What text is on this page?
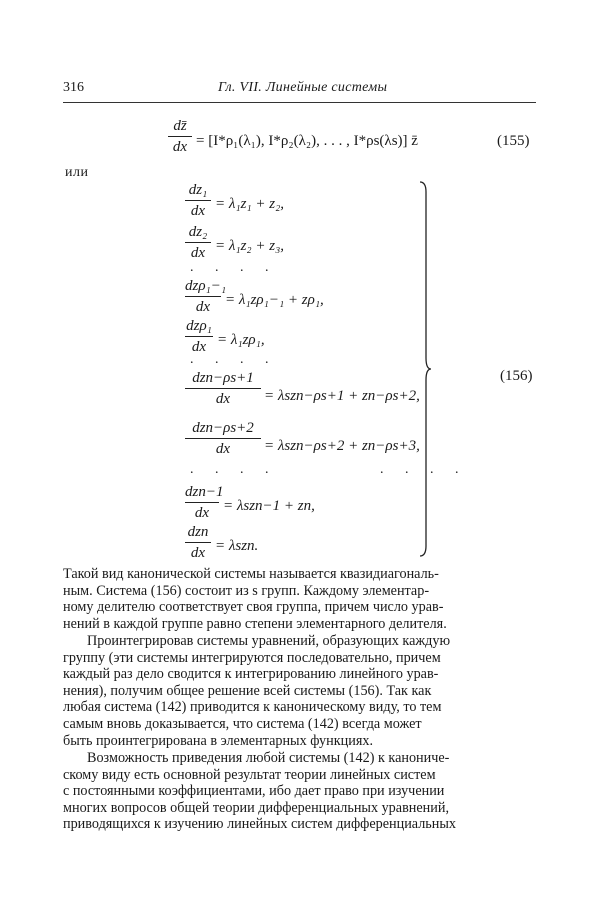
316	Гл. VII. Линейные системы
dz̄
dx = [I*ρ₁(λ₁), I*ρ₂(λ₂), . . . , I*ρs(λs)] z̄	(155)
или
dz₁
dx = λ₁z₁ + z₂,
dz₂
dx = λ₁z₂ + z₃,
. . . .
dzρ₁−₁
dx = λ₁zρ₁−₁ + zρ₁,
dzρ₁
dx = λ₁zρ₁,
. . . .
dzn−ρs+1
dx	= λszn−ρs+1 + zn−ρs+2,
(156)
dzn−ρs+2
dx	= λszn−ρs+2 + zn−ρs+3,
. . . .	. . . .
dzn−1
dx = λszn−1 + zn,
dzn
dx = λszn.
Такой вид канонической системы называется квазидиагональ-
ным. Система (156) состоит из s групп. Каждому элементар-
ному делителю соответствует своя группа, причем число урав-
нений в каждой группе равно степени элементарного делителя.
Проинтегрировав системы уравнений, образующих каждую
группу (эти системы интегрируются последовательно, причем
каждый раз дело сводится к интегрированию линейного урав-
нения), получим общее решение всей системы (156). Так как
любая система (142) приводится к каноническому виду, то тем
самым вновь доказывается, что система (142) всегда может
быть проинтегрирована в элементарных функциях.
Возможность приведения любой системы (142) к канониче-
скому виду есть основной результат теории линейных систем
с постоянными коэффициентами, ибо дает право при изучении
многих вопросов общей теории дифференциальных уравнений,
приводящихся к изучению линейных систем дифференциальных
